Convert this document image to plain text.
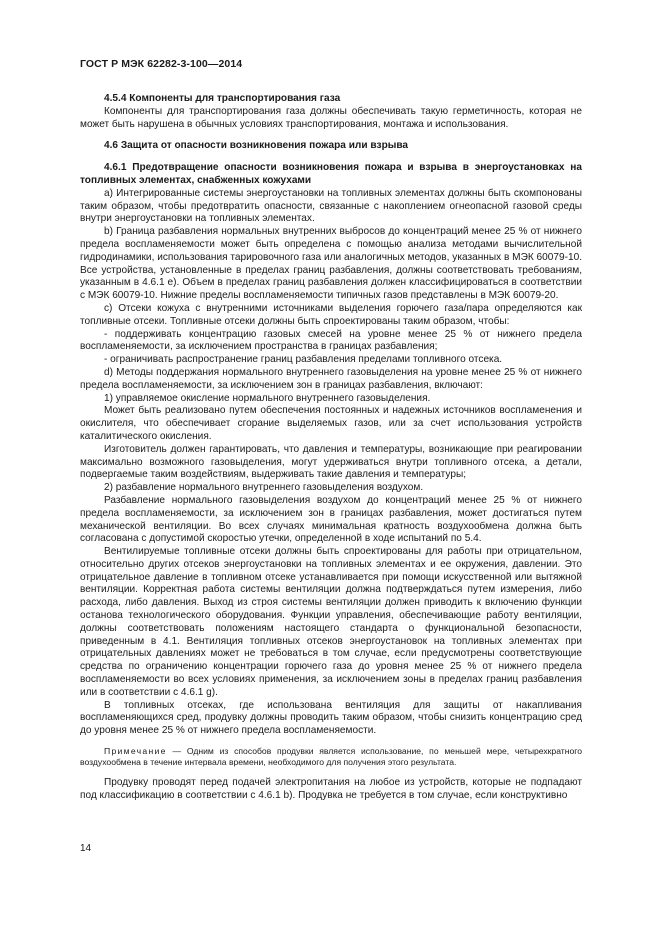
ГОСТ Р МЭК 62282-3-100—2014

4.5.4 Компоненты для транспортирования газа

Компоненты для транспортирования газа должны обеспечивать такую герметичность, которая не может быть нарушена в обычных условиях транспортирования, монтажа и использования.

4.6 Защита от опасности возникновения пожара или взрыва

4.6.1 Предотвращение опасности возникновения пожара и взрыва в энергоустановках на топливных элементах, снабженных кожухами

а) Интегрированные системы энергоустановки на топливных элементах должны быть скомпонованы таким образом, чтобы предотвратить опасности, связанные с накоплением огнеопасной газовой среды внутри энергоустановки на топливных элементах.

b) Граница разбавления нормальных внутренних выбросов до концентраций менее 25 % от нижнего предела воспламеняемости может быть определена с помощью анализа методами вычислительной гидродинамики, использования тарировочного газа или аналогичных методов, указанных в МЭК 60079-10. Все устройства, установленные в пределах границ разбавления, должны соответствовать требованиям, указанным в 4.6.1 е). Объем в пределах границ разбавления должен классифицироваться в соответствии с МЭК 60079-10. Нижние пределы воспламеняемости типичных газов представлены в МЭК 60079-20.

с) Отсеки кожуха с внутренними источниками выделения горючего газа/пара определяются как топливные отсеки. Топливные отсеки должны быть спроектированы таким образом, чтобы:

- поддерживать концентрацию газовых смесей на уровне менее 25 % от нижнего предела воспламеняемости, за исключением пространства в границах разбавления;

- ограничивать распространение границ разбавления пределами топливного отсека.

d) Методы поддержания нормального внутреннего газовыделения на уровне менее 25 % от нижнего предела воспламеняемости, за исключением зон в границах разбавления, включают:

1) управляемое окисление нормального внутреннего газовыделения.

Может быть реализовано путем обеспечения постоянных и надежных источников воспламенения и окислителя, что обеспечивает сгорание выделяемых газов, или за счет использования устройств каталитического окисления.

Изготовитель должен гарантировать, что давления и температуры, возникающие при реагировании максимально возможного газовыделения, могут удерживаться внутри топливного отсека, а детали, подвергаемые таким воздействиям, выдерживать такие давления и температуры;

2) разбавление нормального внутреннего газовыделения воздухом.

Разбавление нормального газовыделения воздухом до концентраций менее 25 % от нижнего предела воспламеняемости, за исключением зон в границах разбавления, может достигаться путем механической вентиляции. Во всех случаях минимальная кратность воздухообмена должна быть согласована с допустимой скоростью утечки, определенной в ходе испытаний по 5.4.

Вентилируемые топливные отсеки должны быть спроектированы для работы при отрицательном, относительно других отсеков энергоустановки на топливных элементах и ее окружения, давлении. Это отрицательное давление в топливном отсеке устанавливается при помощи искусственной или вытяжной вентиляции. Корректная работа системы вентиляции должна подтверждаться путем измерения, либо расхода, либо давления. Выход из строя системы вентиляции должен приводить к включению функции останова технологического оборудования. Функции управления, обеспечивающие работу вентиляции, должны соответствовать положениям настоящего стандарта о функциональной безопасности, приведенным в 4.1. Вентиляция топливных отсеков энергоустановок на топливных элементах при отрицательных давлениях может не требоваться в том случае, если предусмотрены соответствующие средства по ограничению концентрации горючего газа до уровня менее 25 % от нижнего предела воспламеняемости во всех условиях применения, за исключением зоны в пределах границ разбавления или в соответствии с 4.6.1 g).

В топливных отсеках, где использована вентиляция для защиты от накапливания воспламеняющихся сред, продувку должны проводить таким образом, чтобы снизить концентрацию сред до уровня менее 25 % от нижнего предела воспламеняемости.

Примечание — Одним из способов продувки является использование, по меньшей мере, четырехкратного воздухообмена в течение интервала времени, необходимого для получения этого результата.

Продувку проводят перед подачей электропитания на любое из устройств, которые не подпадают под классификацию в соответствии с 4.6.1 b). Продувка не требуется в том случае, если конструктивно

14
